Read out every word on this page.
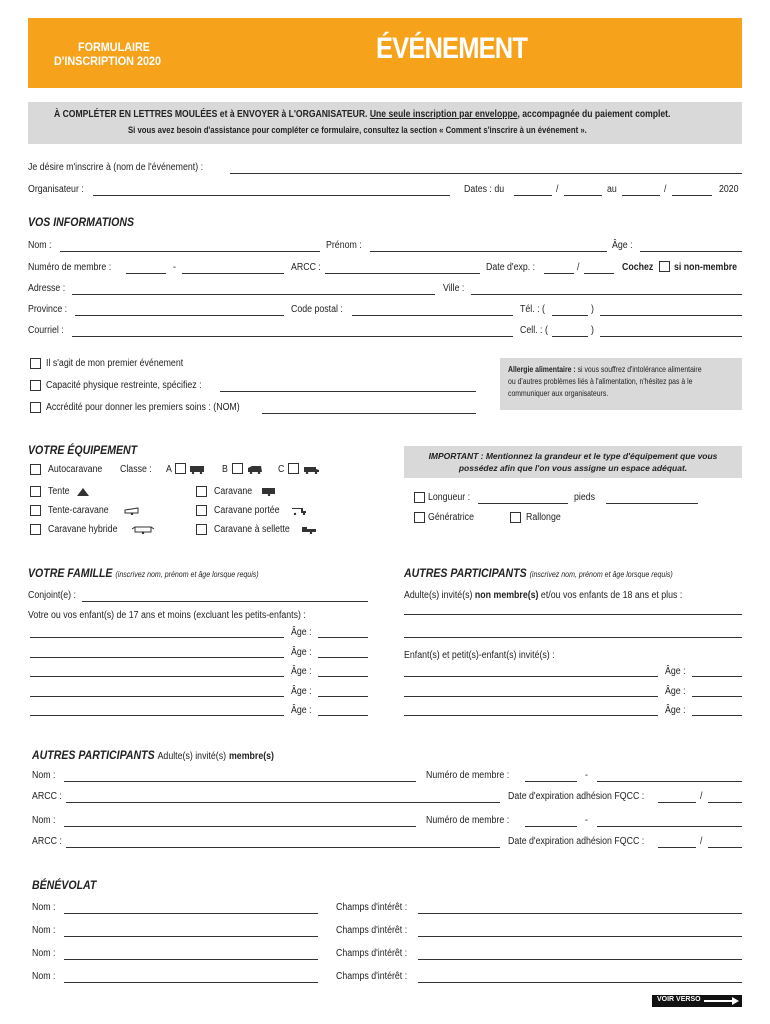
FORMULAIRE
D'INSCRIPTION 2020	ÉVÉNEMENT
À COMPLÉTER EN LETTRES MOULÉES et à ENVOYER à L'ORGANISATEUR. Une seule inscription par enveloppe, accompagnée du paiement complet.
Si vous avez besoin d'assistance pour compléter ce formulaire, consultez la section « Comment s'inscrire à un événement ».
Je désire m'inscrire à (nom de l'événement) :
Organisateur :	Dates : du	/	au	/	2020
VOS INFORMATIONS
Nom :	Prénom :	Âge :
Numéro de membre :	-	ARCC :	Date d'exp. :	/	Cochez si non-membre
Adresse :	Ville :
Province :	Code postal :	Tél. : (	)
Courriel :	Cell. : (	)
Il s'agit de mon premier événement
Capacité physique restreinte, spécifiez :
Accrédité pour donner les premiers soins : (NOM)
Allergie alimentaire : si vous souffrez d'intolérance alimentaire
ou d'autres problèmes liés à l'alimentation, n'hésitez pas à le
communiquer aux organisateurs.
VOTRE ÉQUIPEMENT	IMPORTANT : Mentionnez la grandeur et le type d'équipement que vous
possédez afin que l'on vous assigne un espace adéquat.
Autocaravane Classe : A	B	C
Tente
Tente-caravane
Caravane hybride
Caravane
Caravane portée
Caravane à sellette
Longueur :	pieds
Génératrice	Rallonge
VOTRE FAMILLE (inscrivez nom, prénom et âge lorsque requis)
Conjoint(e) :
Votre ou vos enfant(s) de 17 ans et moins (excluant les petits-enfants) :
Âge :
Âge :
Âge :
Âge :
Âge :
AUTRES PARTICIPANTS (inscrivez nom, prénom et âge lorsque requis)
Adulte(s) invité(s) non membre(s) et/ou vos enfants de 18 ans et plus :
Enfant(s) et petit(s)-enfant(s) invité(s) :
Âge :
Âge :
Âge :
AUTRES PARTICIPANTS Adulte(s) invité(s) membre(s)
Nom :	Numéro de membre :	-
ARCC :	Date d'expiration adhésion FQCC :	/
Nom :	Numéro de membre :	-
ARCC :	Date d'expiration adhésion FQCC :	/
BÉNÉVOLAT
Nom :	Champs d'intérêt :
Nom :	Champs d'intérêt :
Nom :	Champs d'intérêt :
Nom :	Champs d'intérêt :
VOIR VERSO
